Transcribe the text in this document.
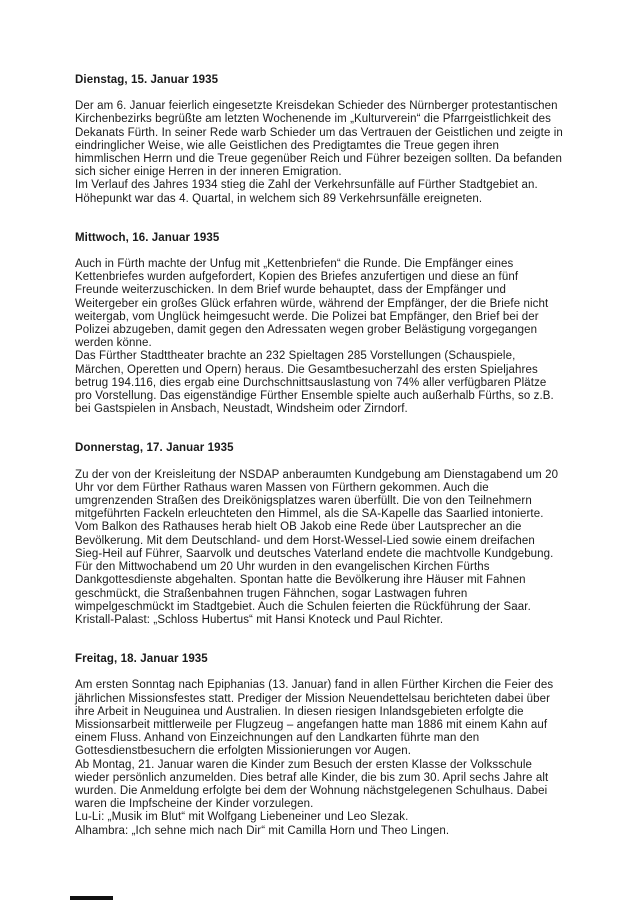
Dienstag, 15. Januar 1935

Der am 6. Januar feierlich eingesetzte Kreisdekan Schieder des Nürnberger protestantischen Kirchenbezirks begrüßte am letzten Wochenende im „Kulturverein“ die Pfarrgeistlichkeit des Dekanats Fürth. In seiner Rede warb Schieder um das Vertrauen der Geistlichen und zeigte in eindringlicher Weise, wie alle Geistlichen des Predigtamtes die Treue gegen ihren himmlischen Herrn und die Treue gegenüber Reich und Führer bezeigen sollten. Da befanden sich sicher einige Herren in der inneren Emigration.

Im Verlauf des Jahres 1934 stieg die Zahl der Verkehrsunfälle auf Fürther Stadtgebiet an. Höhepunkt war das 4. Quartal, in welchem sich 89 Verkehrsunfälle ereigneten.

Mittwoch, 16. Januar 1935

Auch in Fürth machte der Unfug mit „Kettenbriefen“ die Runde. Die Empfänger eines Kettenbriefes wurden aufgefordert, Kopien des Briefes anzufertigen und diese an fünf Freunde weiterzuschicken. In dem Brief wurde behauptet, dass der Empfänger und Weitergeber ein großes Glück erfahren würde, während der Empfänger, der die Briefe nicht weitergab, vom Unglück heimgesucht werde. Die Polizei bat Empfänger, den Brief bei der Polizei abzugeben, damit gegen den Adressaten wegen grober Belästigung vorgegangen werden könne.

Das Fürther Stadttheater brachte an 232 Spieltagen 285 Vorstellungen (Schauspiele, Märchen, Operetten und Opern) heraus. Die Gesamtbesucherzahl des ersten Spieljahres betrug 194.116, dies ergab eine Durchschnittsauslastung von 74% aller verfügbaren Plätze pro Vorstellung. Das eigenständige Fürther Ensemble spielte auch außerhalb Fürths, so z.B. bei Gastspielen in Ansbach, Neustadt, Windsheim oder Zirndorf.

Donnerstag, 17. Januar 1935

Zu der von der Kreisleitung der NSDAP anberaumten Kundgebung am Dienstagabend um 20 Uhr vor dem Fürther Rathaus waren Massen von Fürthern gekommen. Auch die umgrenzenden Straßen des Dreikönigsplatzes waren überfüllt. Die von den Teilnehmern mitgeführten Fackeln erleuchteten den Himmel, als die SA-Kapelle das Saarlied intonierte. Vom Balkon des Rathauses herab hielt OB Jakob eine Rede über Lautsprecher an die Bevölkerung. Mit dem Deutschland- und dem Horst-Wessel-Lied sowie einem dreifachen Sieg-Heil auf Führer, Saarvolk und deutsches Vaterland endete die machtvolle Kundgebung. Für den Mittwochabend um 20 Uhr wurden in den evangelischen Kirchen Fürths Dankgottesdienste abgehalten. Spontan hatte die Bevölkerung ihre Häuser mit Fahnen geschmückt, die Straßenbahnen trugen Fähnchen, sogar Lastwagen fuhren wimpelgeschmückt im Stadtgebiet. Auch die Schulen feierten die Rückführung der Saar.

Kristall-Palast: „Schloss Hubertus“ mit Hansi Knoteck und Paul Richter.

Freitag, 18. Januar 1935

Am ersten Sonntag nach Epiphanias (13. Januar) fand in allen Fürther Kirchen die Feier des jährlichen Missionsfestes statt. Prediger der Mission Neuendettelsau berichteten dabei über ihre Arbeit in Neuguinea und Australien. In diesen riesigen Inlandsgebieten erfolgte die Missionsarbeit mittlerweile per Flugzeug – angefangen hatte man 1886 mit einem Kahn auf einem Fluss. Anhand von Einzeichnungen auf den Landkarten führte man den Gottesdienstbesuchern die erfolgten Missionierungen vor Augen.

Ab Montag, 21. Januar waren die Kinder zum Besuch der ersten Klasse der Volksschule wieder persönlich anzumelden. Dies betraf alle Kinder, die bis zum 30. April sechs Jahre alt wurden. Die Anmeldung erfolgte bei dem der Wohnung nächstgelegenen Schulhaus. Dabei waren die Impfscheine der Kinder vorzulegen.

Lu-Li: „Musik im Blut“ mit Wolfgang Liebeneiner und Leo Slezak.

Alhambra: „Ich sehne mich nach Dir“ mit Camilla Horn und Theo Lingen.
